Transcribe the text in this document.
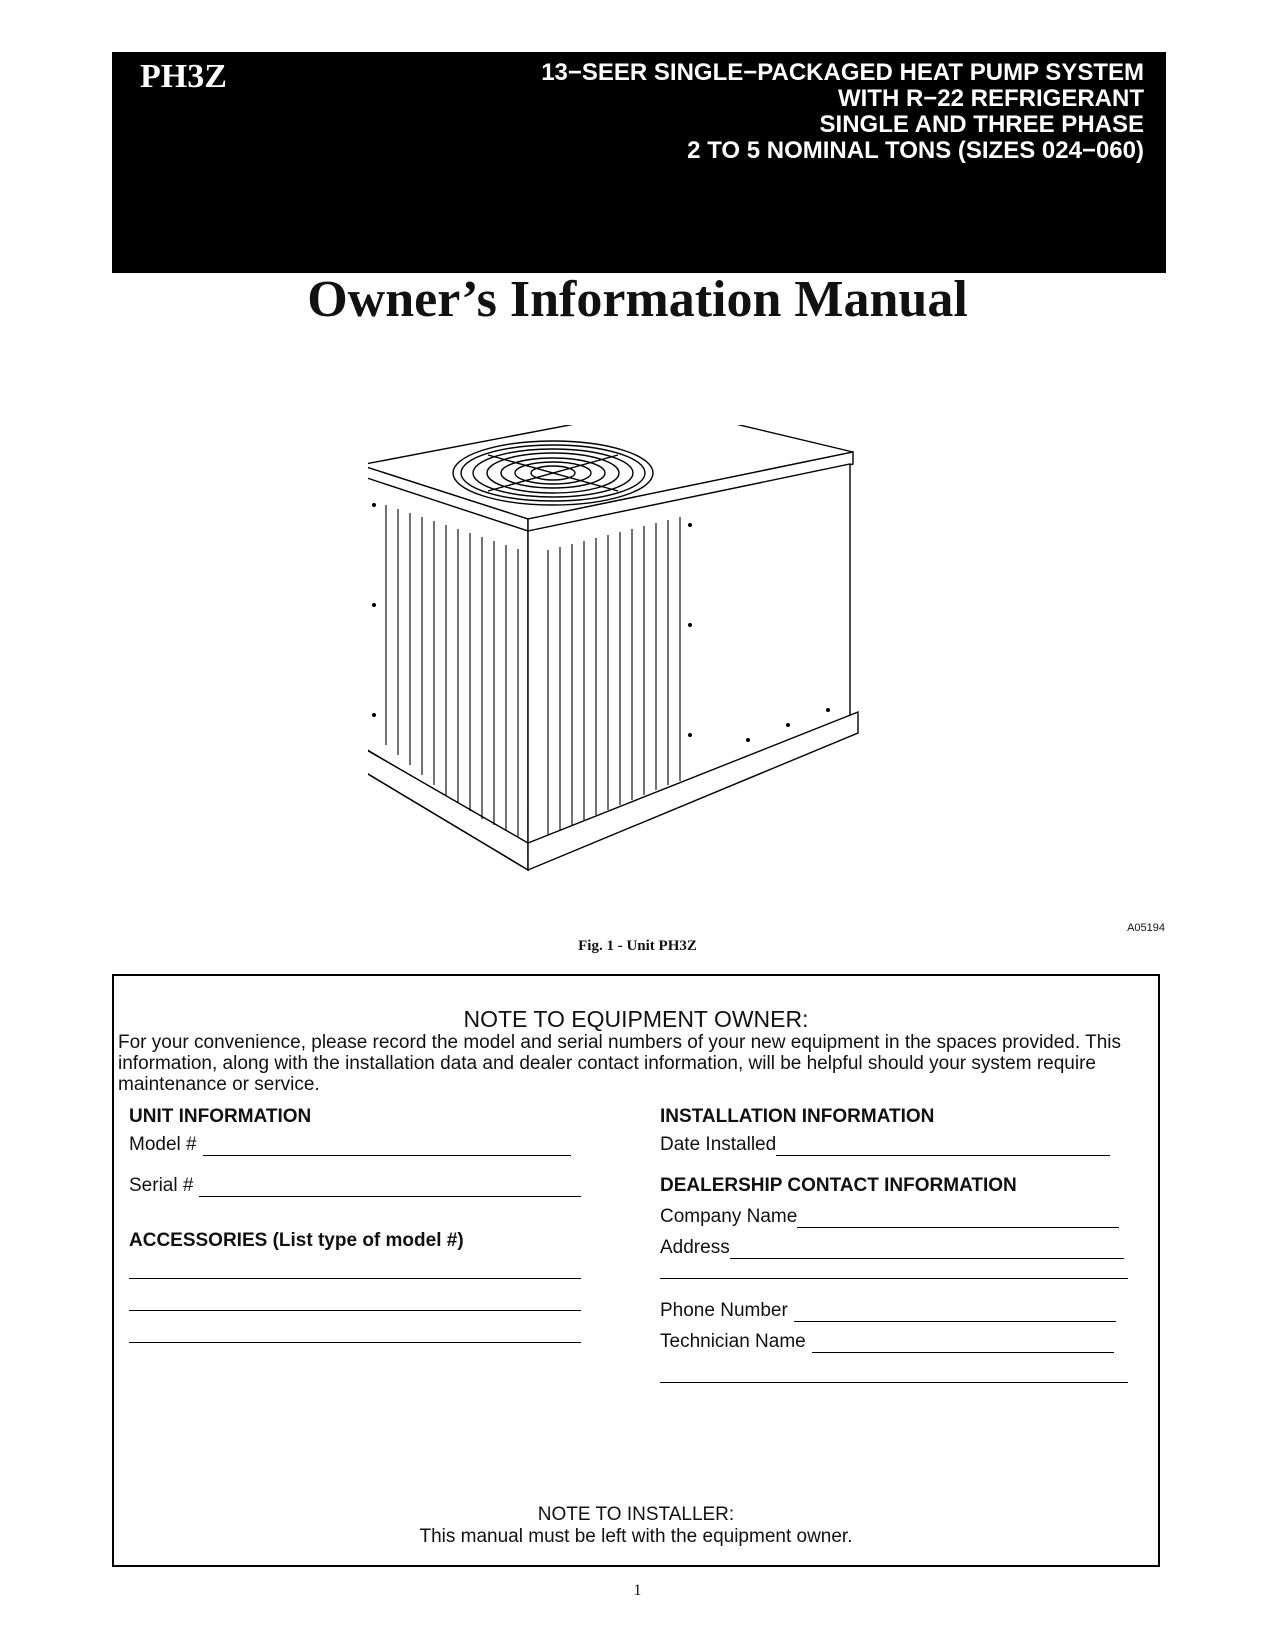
PH3Z	13−SEER SINGLE−PACKAGED HEAT PUMP SYSTEM
WITH R−22 REFRIGERANT
SINGLE AND THREE PHASE
2 TO 5 NOMINAL TONS (SIZES 024−060)
Owner’s Information Manual
A05194
Fig. 1 - Unit PH3Z
NOTE TO EQUIPMENT OWNER:
For your convenience, please record the model and serial numbers of your new equipment in the spaces provided. This information, along with the installation data and dealer contact information, will be helpful should your system require maintenance or service.
UNIT INFORMATION
Model #
Serial #
ACCESSORIES (List type of model #)
INSTALLATION INFORMATION
Date Installed
DEALERSHIP CONTACT INFORMATION
Company Name
Address
Phone Number
Technician Name
NOTE TO INSTALLER:
This manual must be left with the equipment owner.
1
